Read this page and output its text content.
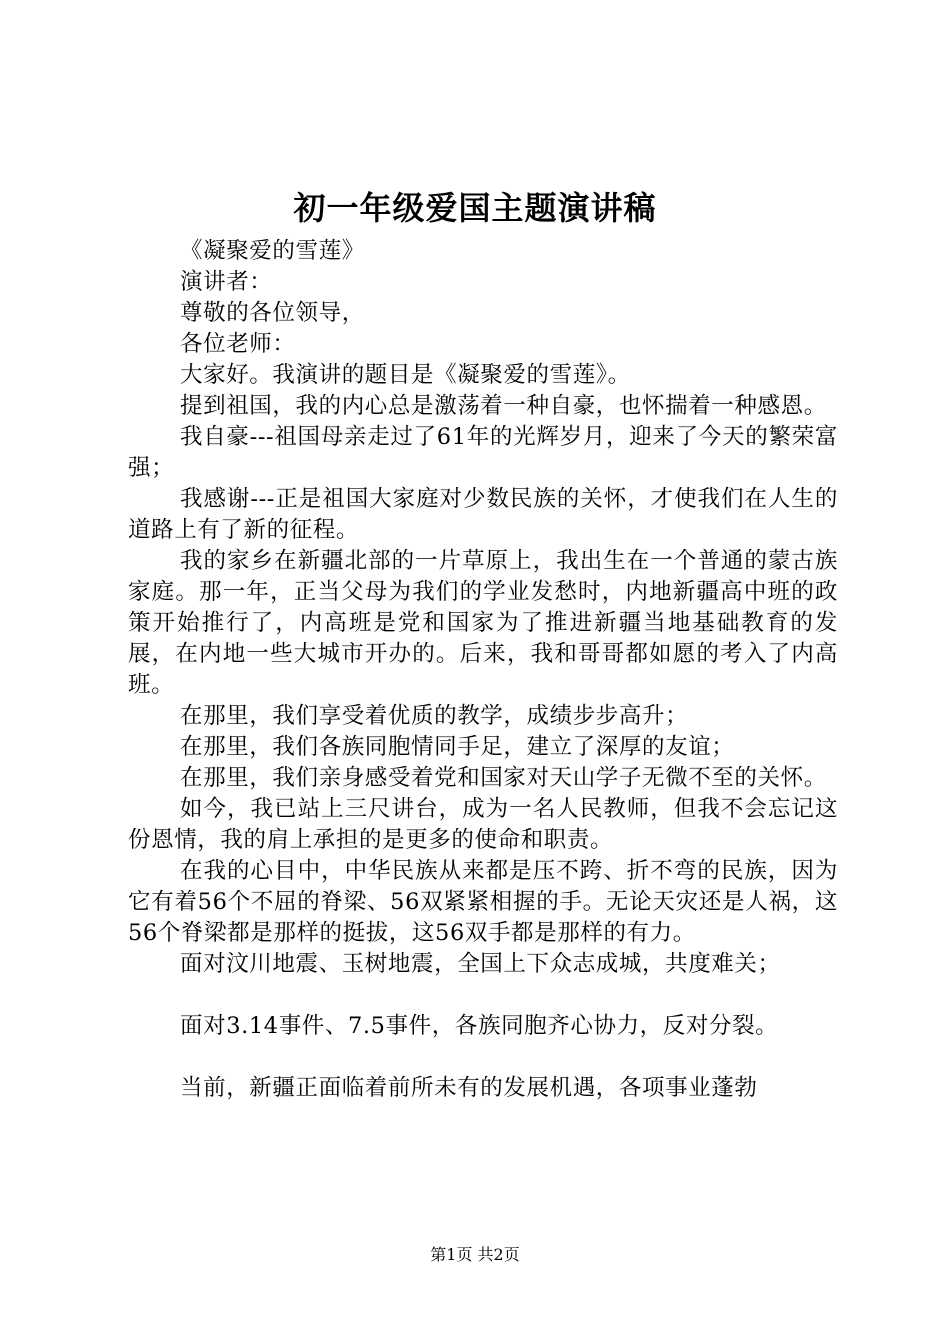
初一年级爱国主题演讲稿

《凝聚爱的雪莲》

演讲者：

尊敬的各位领导，

各位老师：

大家好。我演讲的题目是《凝聚爱的雪莲》。

提到祖国，我的内心总是激荡着一种自豪，也怀揣着一种感恩。

我自豪---祖国母亲走过了61年的光辉岁月，迎来了今天的繁荣富强；

我感谢---正是祖国大家庭对少数民族的关怀，才使我们在人生的道路上有了新的征程。

我的家乡在新疆北部的一片草原上，我出生在一个普通的蒙古族家庭。那一年，正当父母为我们的学业发愁时，内地新疆高中班的政策开始推行了，内高班是党和国家为了推进新疆当地基础教育的发展，在内地一些大城市开办的。后来，我和哥哥都如愿的考入了内高班。

在那里，我们享受着优质的教学，成绩步步高升；

在那里，我们各族同胞情同手足，建立了深厚的友谊；

在那里，我们亲身感受着党和国家对天山学子无微不至的关怀。

如今，我已站上三尺讲台，成为一名人民教师，但我不会忘记这份恩情，我的肩上承担的是更多的使命和职责。

在我的心目中，中华民族从来都是压不跨、折不弯的民族，因为它有着56个不屈的脊梁、56双紧紧相握的手。无论天灾还是人祸，这56个脊梁都是那样的挺拔，这56双手都是那样的有力。

面对汶川地震、玉树地震，全国上下众志成城，共度难关；

面对3.14事件、7.5事件，各族同胞齐心协力，反对分裂。

当前，新疆正面临着前所未有的发展机遇，各项事业蓬勃

第1页 共2页
